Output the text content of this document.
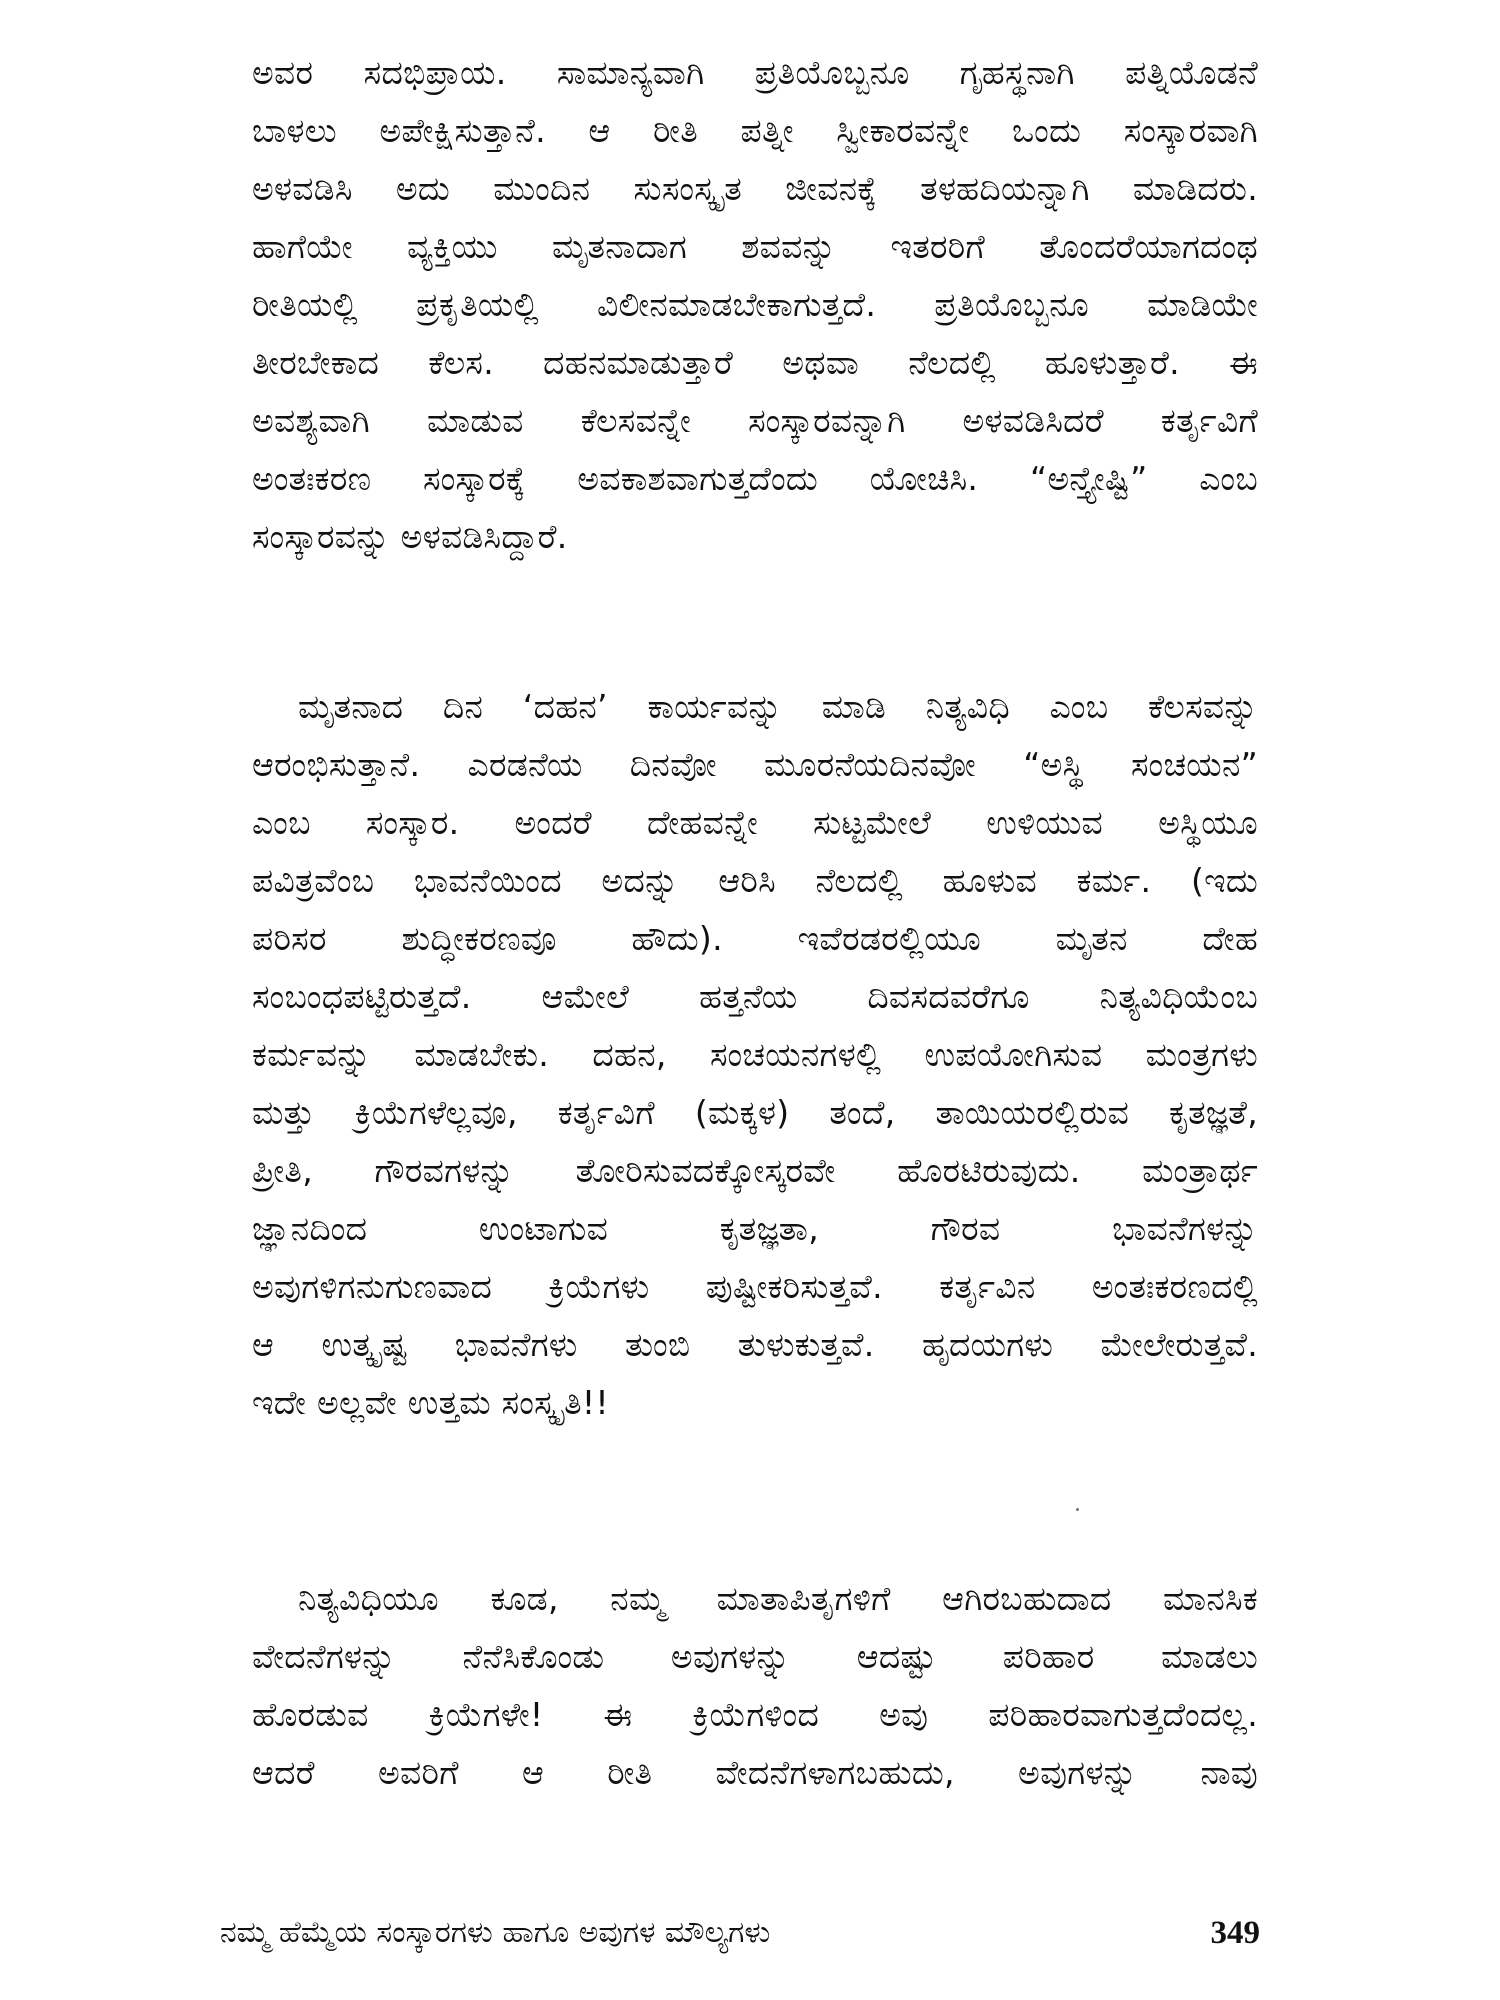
ಅವರ ಸದಭಿಪ್ರಾಯ. ಸಾಮಾನ್ಯವಾಗಿ ಪ್ರತಿಯೊಬ್ಬನೂ ಗೃಹಸ್ಥನಾಗಿ ಪತ್ನಿಯೊಡನೆ
ಬಾಳಲು ಅಪೇಕ್ಷಿಸುತ್ತಾನೆ. ಆ ರೀತಿ ಪತ್ನೀ ಸ್ವೀಕಾರವನ್ನೇ ಒಂದು ಸಂಸ್ಕಾರವಾಗಿ
ಅಳವಡಿಸಿ ಅದು ಮುಂದಿನ ಸುಸಂಸ್ಕೃತ ಜೀವನಕ್ಕೆ ತಳಹದಿಯನ್ನಾಗಿ ಮಾಡಿದರು.
ಹಾಗೆಯೇ ವ್ಯಕ್ತಿಯು ಮೃತನಾದಾಗ ಶವವನ್ನು ಇತರರಿಗೆ ತೊಂದರೆಯಾಗದಂಥ
ರೀತಿಯಲ್ಲಿ ಪ್ರಕೃತಿಯಲ್ಲಿ ವಿಲೀನಮಾಡಬೇಕಾಗುತ್ತದೆ. ಪ್ರತಿಯೊಬ್ಬನೂ ಮಾಡಿಯೇ
ತೀರಬೇಕಾದ ಕೆಲಸ. ದಹನಮಾಡುತ್ತಾರೆ ಅಥವಾ ನೆಲದಲ್ಲಿ ಹೂಳುತ್ತಾರೆ. ಈ
ಅವಶ್ಯವಾಗಿ ಮಾಡುವ ಕೆಲಸವನ್ನೇ ಸಂಸ್ಕಾರವನ್ನಾಗಿ ಅಳವಡಿಸಿದರೆ ಕರ್ತೃವಿಗೆ
ಅಂತಃಕರಣ ಸಂಸ್ಕಾರಕ್ಕೆ ಅವಕಾಶವಾಗುತ್ತದೆಂದು ಯೋಚಿಸಿ. “ಅನ್ತ್ಯೇಷ್ಟಿ” ಎಂಬ
ಸಂಸ್ಕಾರವನ್ನು ಅಳವಡಿಸಿದ್ದಾರೆ.
ಮೃತನಾದ ದಿನ ‘ದಹನ’ ಕಾರ್ಯವನ್ನು ಮಾಡಿ ನಿತ್ಯವಿಧಿ ಎಂಬ ಕೆಲಸವನ್ನು
ಆರಂಭಿಸುತ್ತಾನೆ. ಎರಡನೆಯ ದಿನವೋ ಮೂರನೆಯದಿನವೋ “ಅಸ್ಥಿ ಸಂಚಯನ”
ಎಂಬ ಸಂಸ್ಕಾರ. ಅಂದರೆ ದೇಹವನ್ನೇ ಸುಟ್ಟಮೇಲೆ ಉಳಿಯುವ ಅಸ್ಥಿಯೂ
ಪವಿತ್ರವೆಂಬ ಭಾವನೆಯಿಂದ ಅದನ್ನು ಆರಿಸಿ ನೆಲದಲ್ಲಿ ಹೂಳುವ ಕರ್ಮ. (ಇದು
ಪರಿಸರ ಶುದ್ಧೀಕರಣವೂ ಹೌದು). ಇವೆರಡರಲ್ಲಿಯೂ ಮೃತನ ದೇಹ
ಸಂಬಂಧಪಟ್ಟಿರುತ್ತದೆ. ಆಮೇಲೆ ಹತ್ತನೆಯ ದಿವಸದವರೆಗೂ ನಿತ್ಯವಿಧಿಯೆಂಬ
ಕರ್ಮವನ್ನು ಮಾಡಬೇಕು. ದಹನ, ಸಂಚಯನಗಳಲ್ಲಿ ಉಪಯೋಗಿಸುವ ಮಂತ್ರಗಳು
ಮತ್ತು ಕ್ರಿಯೆಗಳೆಲ್ಲವೂ, ಕರ್ತೃವಿಗೆ (ಮಕ್ಕಳ) ತಂದೆ, ತಾಯಿಯರಲ್ಲಿರುವ ಕೃತಜ್ಞತೆ,
ಪ್ರೀತಿ, ಗೌರವಗಳನ್ನು ತೋರಿಸುವದಕ್ಕೋಸ್ಕರವೇ ಹೊರಟಿರುವುದು. ಮಂತ್ರಾರ್ಥ
ಜ್ಞಾನದಿಂದ ಉಂಟಾಗುವ ಕೃತಜ್ಞತಾ, ಗೌರವ ಭಾವನೆಗಳನ್ನು
ಅವುಗಳಿಗನುಗುಣವಾದ ಕ್ರಿಯೆಗಳು ಪುಷ್ಟೀಕರಿಸುತ್ತವೆ. ಕರ್ತೃವಿನ ಅಂತಃಕರಣದಲ್ಲಿ
ಆ ಉತ್ಕೃಷ್ಟ ಭಾವನೆಗಳು ತುಂಬಿ ತುಳುಕುತ್ತವೆ. ಹೃದಯಗಳು ಮೇಲೇರುತ್ತವೆ.
ಇದೇ ಅಲ್ಲವೇ ಉತ್ತಮ ಸಂಸ್ಕೃತಿ!!
ನಿತ್ಯವಿಧಿಯೂ ಕೂಡ, ನಮ್ಮ ಮಾತಾಪಿತೃಗಳಿಗೆ ಆಗಿರಬಹುದಾದ ಮಾನಸಿಕ
ವೇದನೆಗಳನ್ನು ನೆನೆಸಿಕೊಂಡು ಅವುಗಳನ್ನು ಆದಷ್ಟು ಪರಿಹಾರ ಮಾಡಲು
ಹೊರಡುವ ಕ್ರಿಯೆಗಳೇ! ಈ ಕ್ರಿಯೆಗಳಿಂದ ಅವು ಪರಿಹಾರವಾಗುತ್ತದೆಂದಲ್ಲ.
ಆದರೆ ಅವರಿಗೆ ಆ ರೀತಿ ವೇದನೆಗಳಾಗಬಹುದು, ಅವುಗಳನ್ನು ನಾವು
ನಮ್ಮ ಹೆಮ್ಮೆಯ ಸಂಸ್ಕಾರಗಳು ಹಾಗೂ ಅವುಗಳ ಮೌಲ್ಯಗಳು	349
